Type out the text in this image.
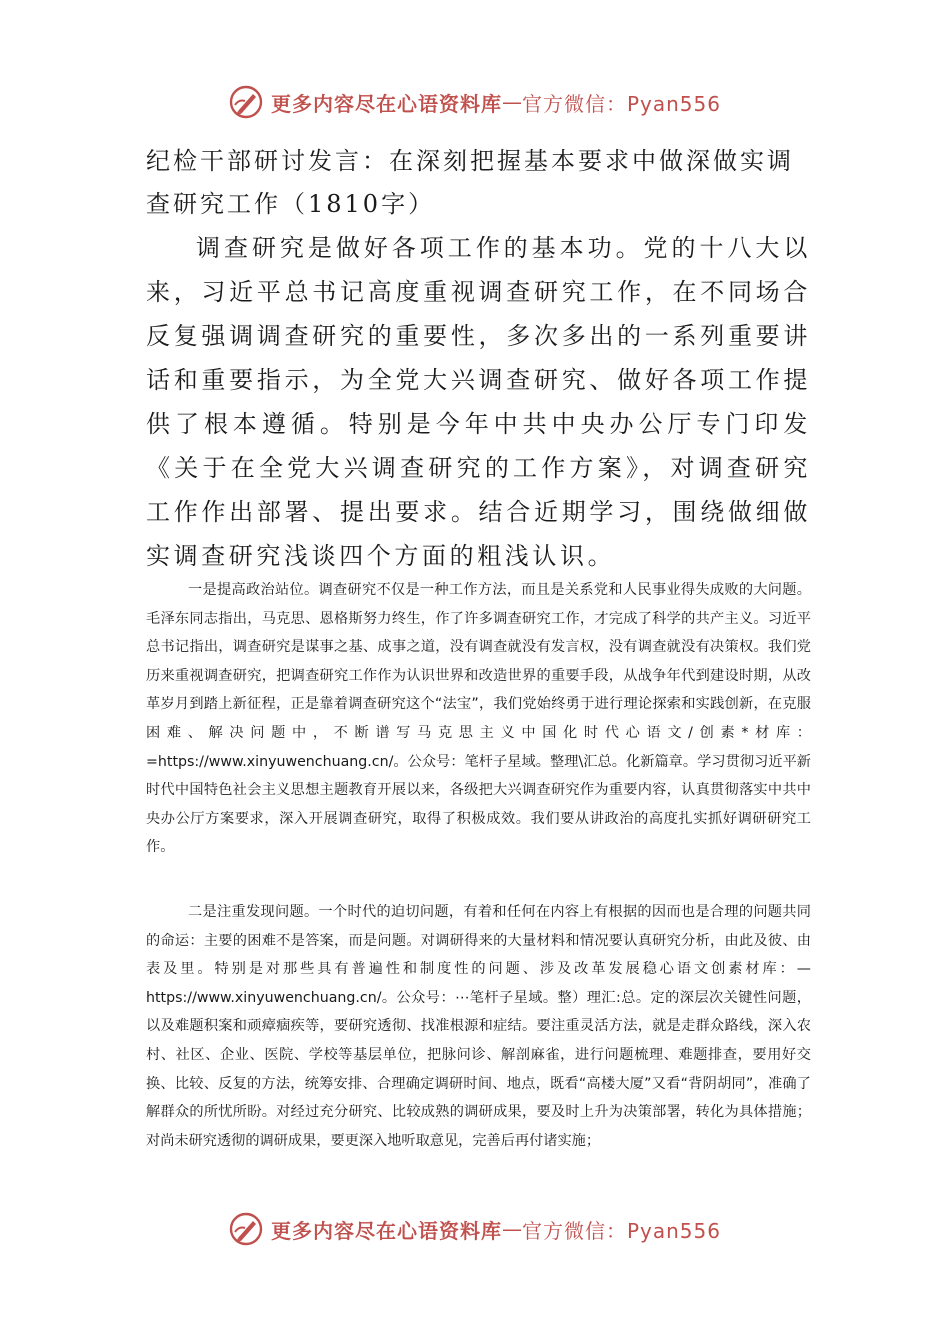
更多内容尽在心语资料库 — 官方微信：Pyan556
纪检干部研讨发言：在深刻把握基本要求中做深做实调查研究工作（1810字）

调查研究是做好各项工作的基本功。党的十八大以来，习近平总书记高度重视调查研究工作，在不同场合反复强调调查研究的重要性，多次多出的一系列重要讲话和重要指示，为全党大兴调查研究、做好各项工作提供了根本遵循。特别是今年中共中央办公厅专门印发《关于在全党大兴调查研究的工作方案》，对调查研究工作作出部署、提出要求。结合近期学习，围绕做细做实调查研究浅谈四个方面的粗浅认识。

一是提高政治站位。调查研究不仅是一种工作方法，而且是关系党和人民事业得失成败的大问题。毛泽东同志指出，马克思、恩格斯努力终生，作了许多调查研究工作，才完成了科学的共产主义。习近平总书记指出，调查研究是谋事之基、成事之道，没有调查就没有发言权，没有调查就没有决策权。我们党历来重视调查研究，把调查研究工作作为认识世界和改造世界的重要手段，从战争年代到建设时期，从改革岁月到踏上新征程，正是靠着调查研究这个“法宝”，我们党始终勇于进行理论探索和实践创新，在克服困难、解决问题中，不断谱写马克思主义中国化时代心语文/创素*材库：=https://www.xinyuwenchuang.cn/。公众号：笔杆子星域。整理\汇总。化新篇章。学习贯彻习近平新时代中国特色社会主义思想主题教育开展以来，各级把大兴调查研究作为重要内容，认真贯彻落实中共中央办公厅方案要求，深入开展调查研究，取得了积极成效。我们要从讲政治的高度扎实抓好调研研究工作。

二是注重发现问题。一个时代的迫切问题，有着和任何在内容上有根据的因而也是合理的问题共同的命运：主要的困难不是答案，而是问题。对调研得来的大量材料和情况要认真研究分析，由此及彼、由表及里。特别是对那些具有普遍性和制度性的问题、涉及改革发展稳心语文创素材库：—https://www.xinyuwenchuang.cn/。公众号：⋯笔杆子星域。整）理汇:总。定的深层次关键性问题，以及难题积案和顽瘴痼疾等，要研究透彻、找准根源和症结。要注重灵活方法，就是走群众路线，深入农村、社区、企业、医院、学校等基层单位，把脉问诊、解剖麻雀，进行问题梳理、难题排查，要用好交换、比较、反复的方法，统筹安排、合理确定调研时间、地点，既看“高楼大厦”又看“背阴胡同”，准确了解群众的所忧所盼。对经过充分研究、比较成熟的调研成果，要及时上升为决策部署，转化为具体措施；对尚未研究透彻的调研成果，要更深入地听取意见，完善后再付诸实施；

更多内容尽在心语资料库 — 官方微信：Pyan556
